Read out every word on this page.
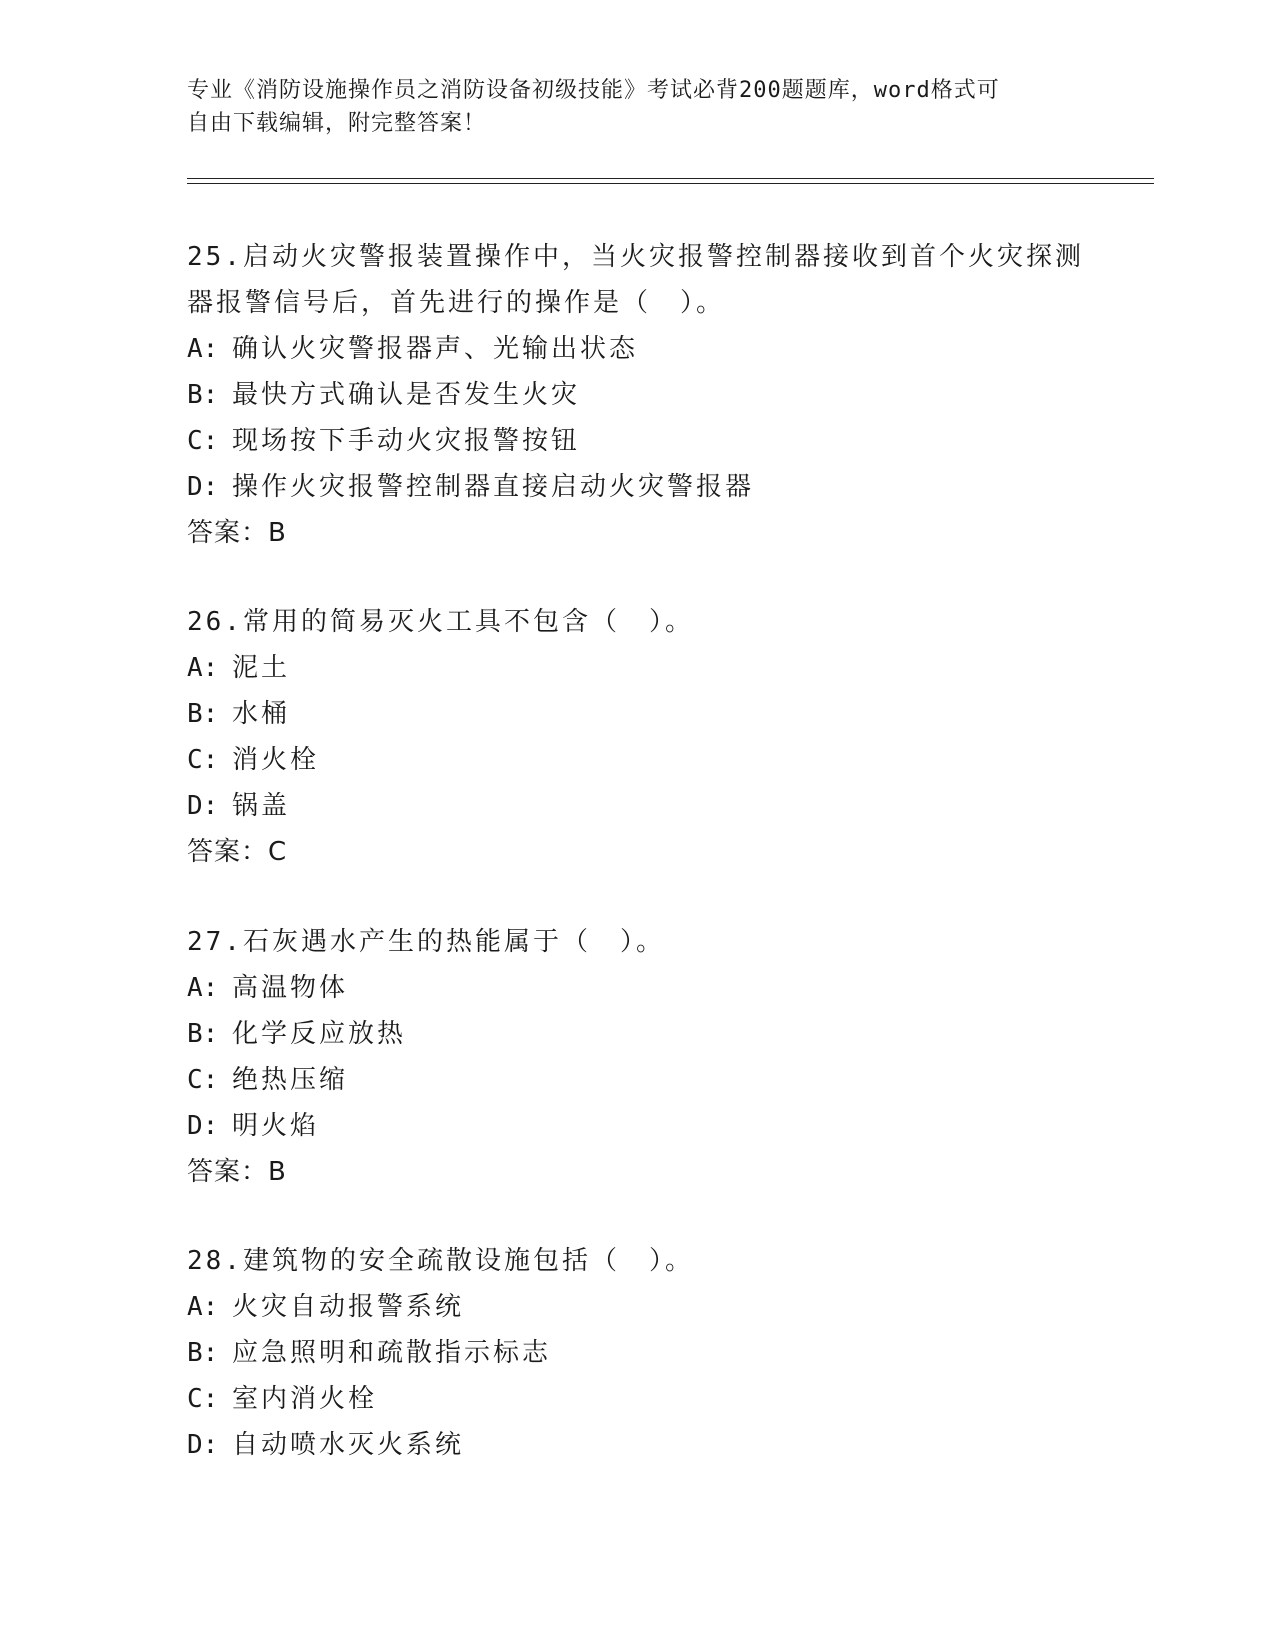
专业《消防设施操作员之消防设备初级技能》考试必背200题题库，word格式可
自由下载编辑，附完整答案！
25.启动火灾警报装置操作中，当火灾报警控制器接收到首个火灾探测
器报警信号后，首先进行的操作是（　）。
A: 确认火灾警报器声、光输出状态
B: 最快方式确认是否发生火灾
C: 现场按下手动火灾报警按钮
D: 操作火灾报警控制器直接启动火灾警报器
答案：B
26.常用的简易灭火工具不包含（　）。
A: 泥土
B: 水桶
C: 消火栓
D: 锅盖
答案：C
27.石灰遇水产生的热能属于（　）。
A: 高温物体
B: 化学反应放热
C: 绝热压缩
D: 明火焰
答案：B
28.建筑物的安全疏散设施包括（　）。
A: 火灾自动报警系统
B: 应急照明和疏散指示标志
C: 室内消火栓
D: 自动喷水灭火系统
